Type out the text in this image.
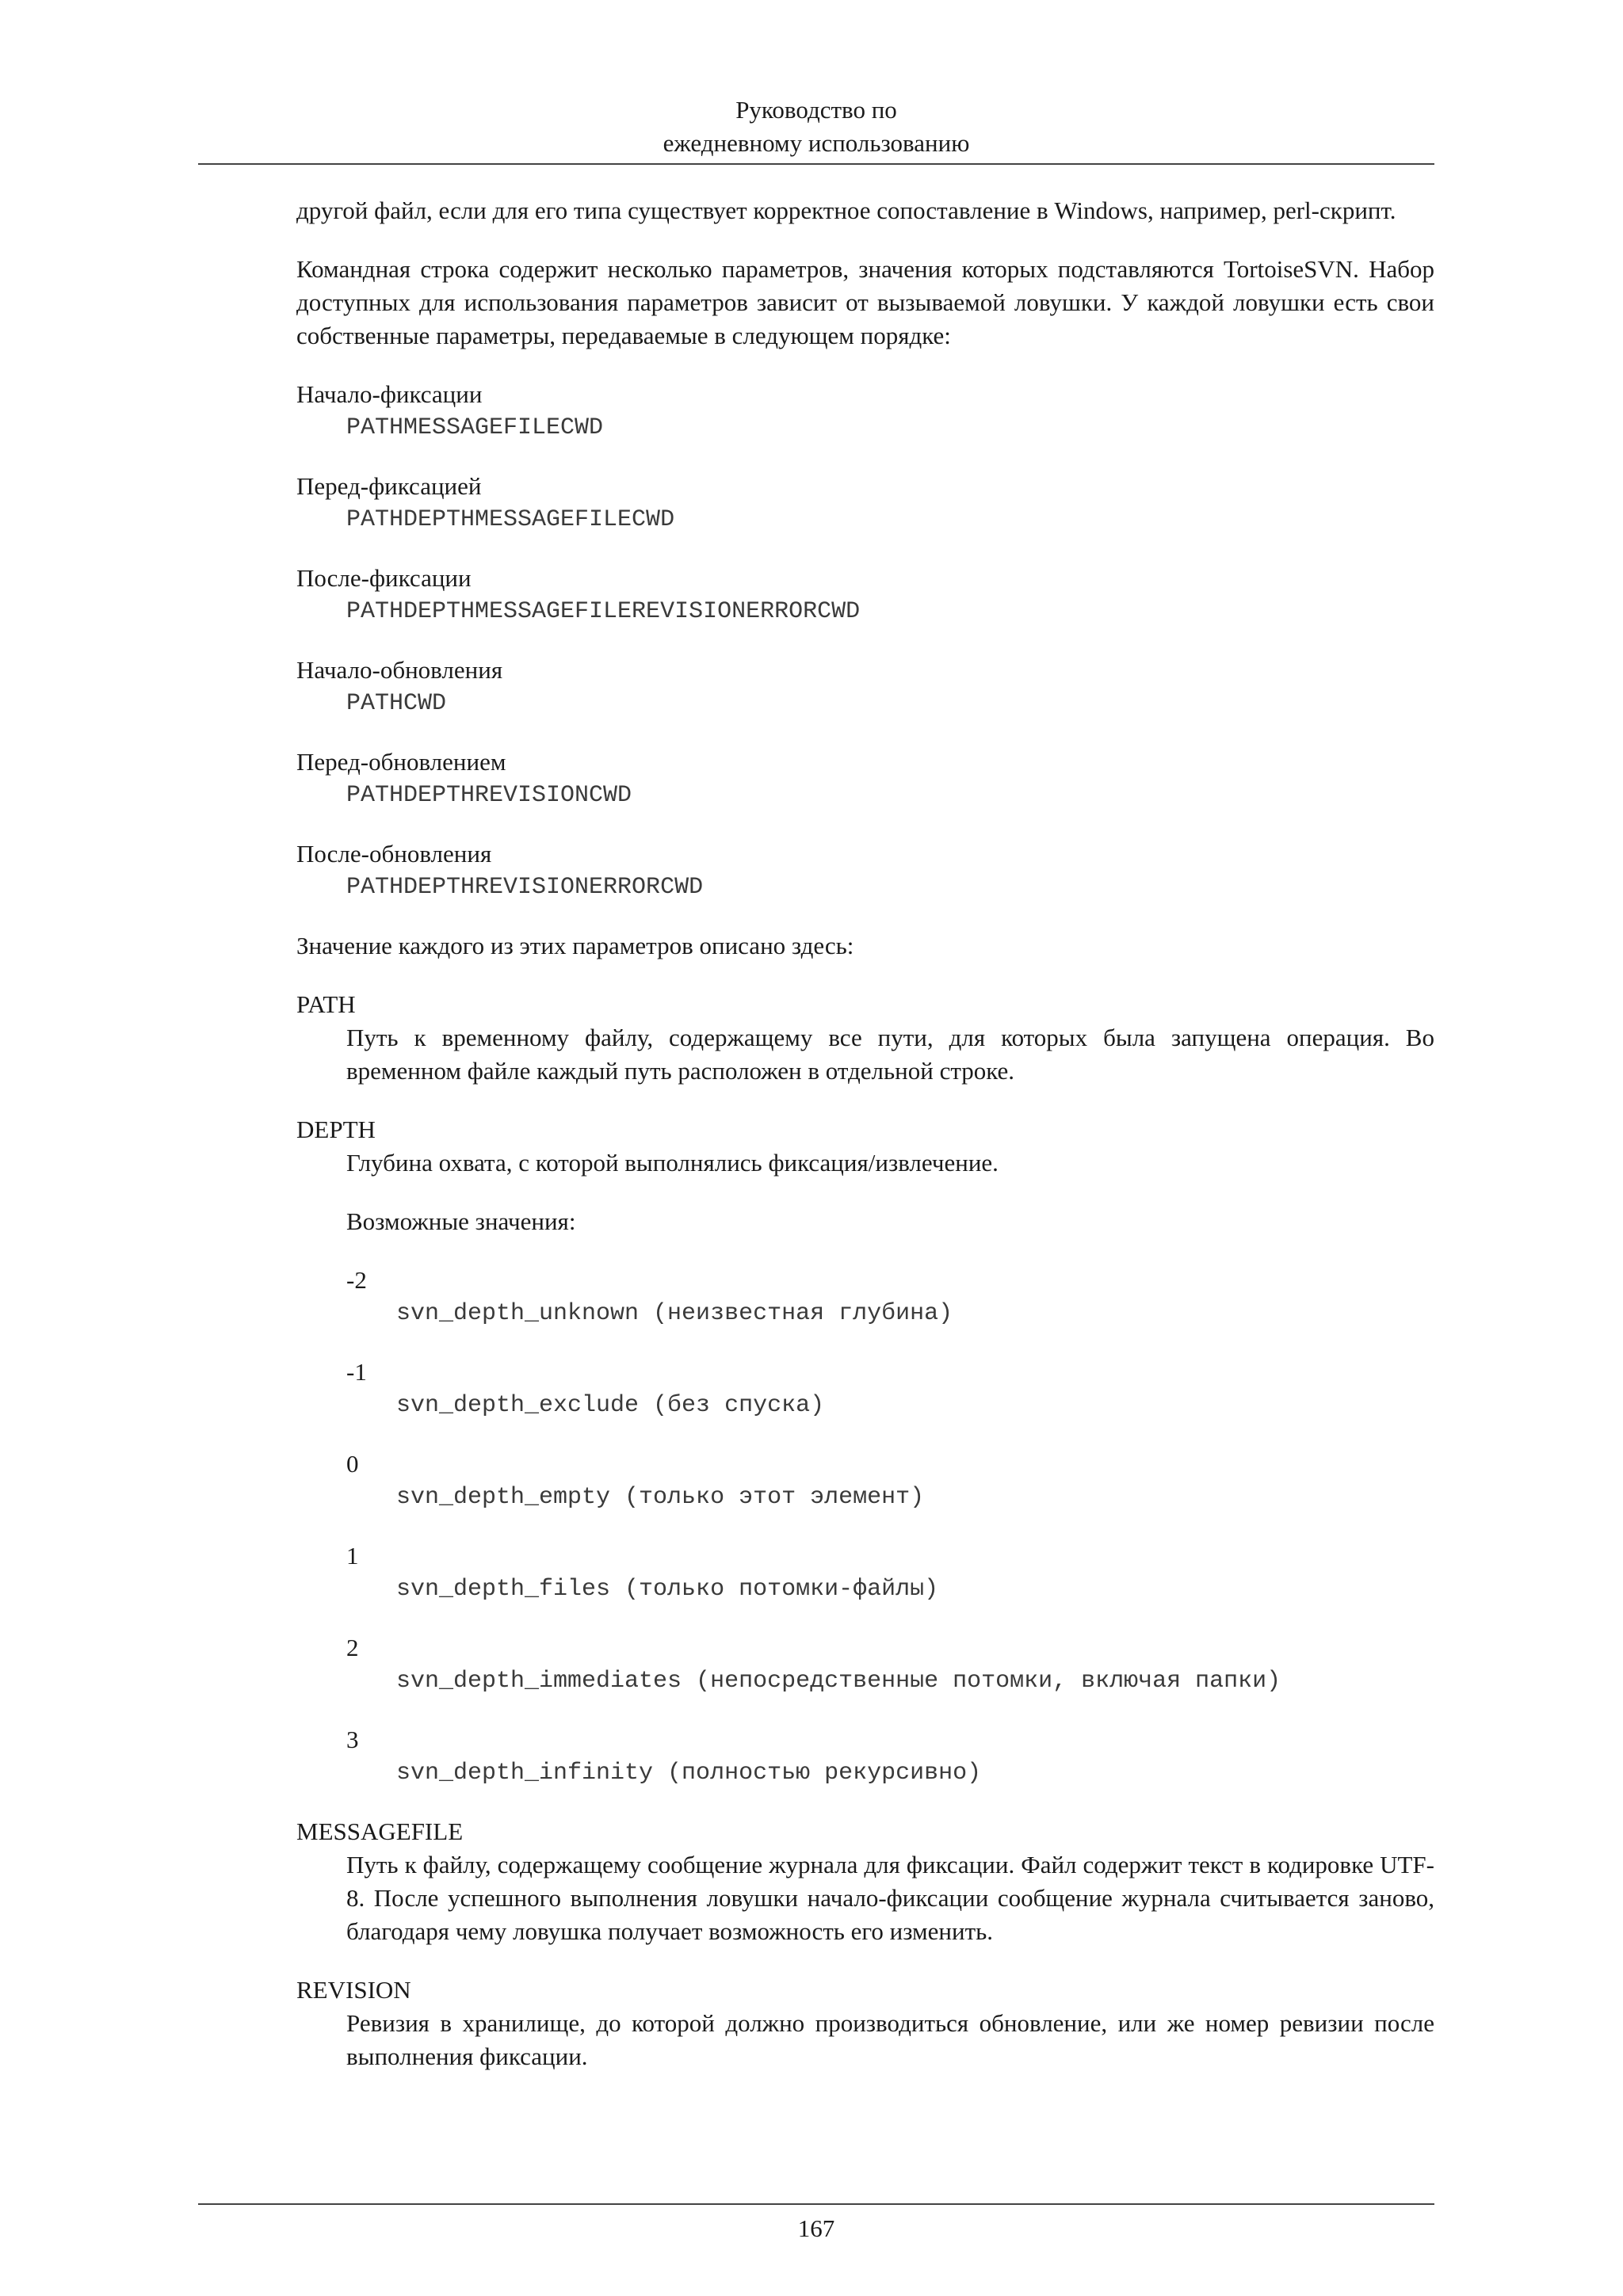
Руководство по
ежедневному использованию

другой файл, если для его типа существует корректное сопоставление в Windows, например, perl-скрипт.

Командная строка содержит несколько параметров, значения которых подставляются TortoiseSVN. Набор доступных для использования параметров зависит от вызываемой ловушки. У каждой ловушки есть свои собственные параметры, передаваемые в следующем порядке:

Начало-фиксации
PATHMESSAGEFILECWD
Перед-фиксацией
PATHDEPTHMESSAGEFILECWD
После-фиксации
PATHDEPTHMESSAGEFILEREVISIONERRORCWD
Начало-обновления
PATHCWD
Перед-обновлением
PATHDEPTHREVISIONCWD
После-обновления
PATHDEPTHREVISIONERRORCWD

Значение каждого из этих параметров описано здесь:

PATH

Путь к временному файлу, содержащему все пути, для которых была запущена операция. Во временном файле каждый путь расположен в отдельной строке.

DEPTH

Глубина охвата, с которой выполнялись фиксация/извлечение.

Возможные значения:

-2
svn_depth_unknown (неизвестная глубина)
-1
svn_depth_exclude (без спуска)
0
svn_depth_empty (только этот элемент)
1
svn_depth_files (только потомки-файлы)
2
svn_depth_immediates (непосредственные потомки, включая папки)
3
svn_depth_infinity (полностью рекурсивно)
MESSAGEFILE

Путь к файлу, содержащему сообщение журнала для фиксации. Файл содержит текст в кодировке UTF-8. После успешного выполнения ловушки начало-фиксации сообщение журнала считывается заново, благодаря чему ловушка получает возможность его изменить.

REVISION

Ревизия в хранилище, до которой должно производиться обновление, или же номер ревизии после выполнения фиксации.

167
